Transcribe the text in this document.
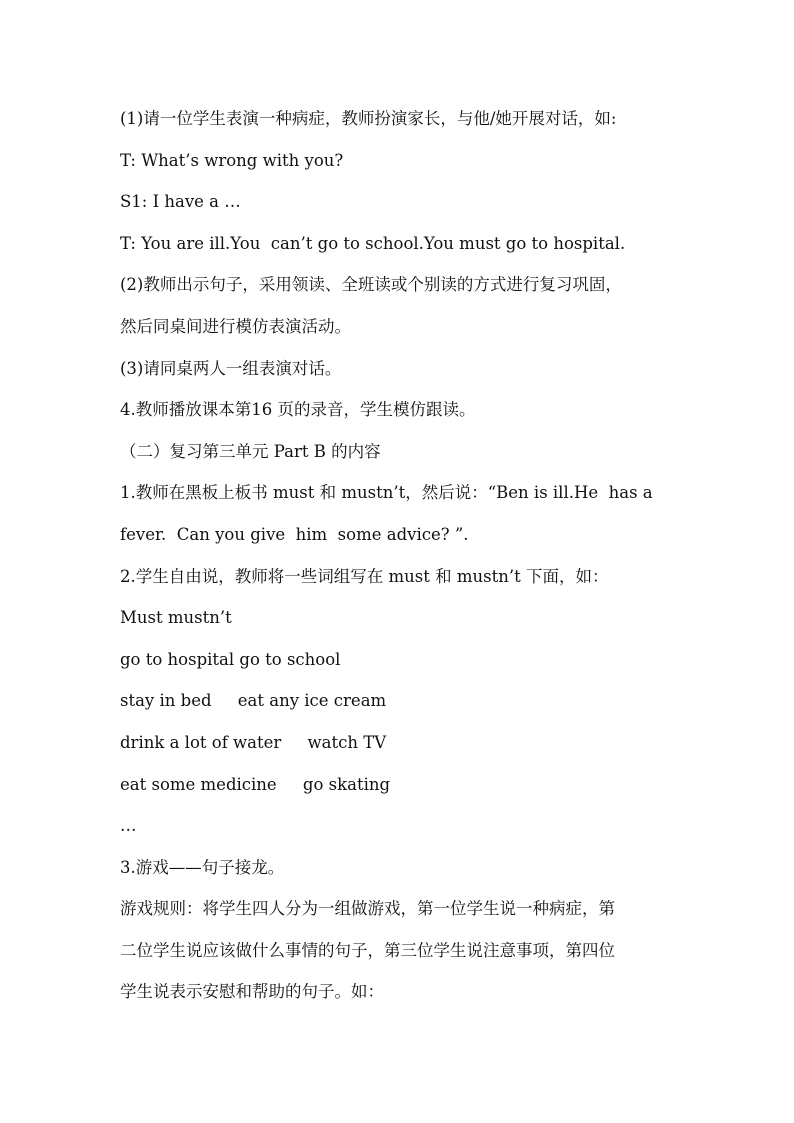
(1)请一位学生表演一种病症，教师扮演家长，与他/她开展对话，如:
T: What’s wrong with you?
S1: I have a …
T: You are ill.You  can’t go to school.You must go to hospital.
(2)教师出示句子，采用领读、全班读或个别读的方式进行复习巩固，
然后同桌间进行模仿表演活动。
(3)请同桌两人一组表演对话。
4.教师播放课本第16 页的录音，学生模仿跟读。
（二）复习第三单元 Part B 的内容
1.教师在黑板上板书 must 和 mustn’t，然后说：“Ben is ill.He  has a
fever.  Can you give  him  some advice? ”.
2.学生自由说，教师将一些词组写在 must 和 mustn’t 下面，如：
Must mustn’t
go to hospital go to school
stay in bed     eat any ice cream
drink a lot of water     watch TV
eat some medicine     go skating
…
3.游戏——句子接龙。
游戏规则：将学生四人分为一组做游戏，第一位学生说一种病症，第
二位学生说应该做什么事情的句子，第三位学生说注意事项，第四位
学生说表示安慰和帮助的句子。如：
